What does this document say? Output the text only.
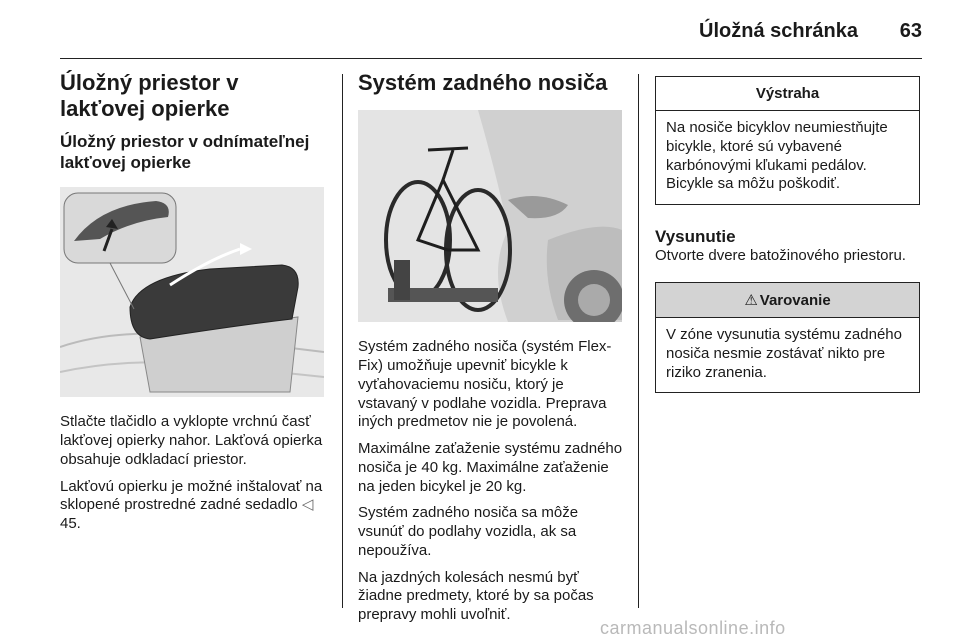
Úložná schránka 63
Úložný priestor v lakťovej opierke
Úložný priestor v odnímateľnej lakťovej opierke

Stlačte tlačidlo a vyklopte vrchnú časť lakťovej opierky nahor. Lakťová opierka obsahuje odkladací priestor.

Lakťovú opierku je možné inštalovať na sklopené prostredné zadné sedadlo ◁ 45.

Systém zadného nosiča

Systém zadného nosiča (systém Flex-Fix) umožňuje upevniť bicykle k vyťahovaciemu nosiču, ktorý je vstavaný v podlahe vozidla. Preprava iných predmetov nie je povolená.

Maximálne zaťaženie systému zadného nosiča je 40 kg. Maximálne zaťaženie na jeden bicykel je 20 kg.

Systém zadného nosiča sa môže vsunúť do podlahy vozidla, ak sa nepoužíva.

Na jazdných kolesách nesmú byť žiadne predmety, ktoré by sa počas prepravy mohli uvoľniť.

Výstraha
Na nosiče bicyklov neumiestňujte bicykle, ktoré sú vybavené karbónovými kľukami pedálov. Bicykle sa môžu poškodiť.
Vysunutie

Otvorte dvere batožinového priestoru.

⚠ Varovanie
V zóne vysunutia systému zadného nosiča nesmie zostávať nikto pre riziko zranenia.
carmanualsonline.info
